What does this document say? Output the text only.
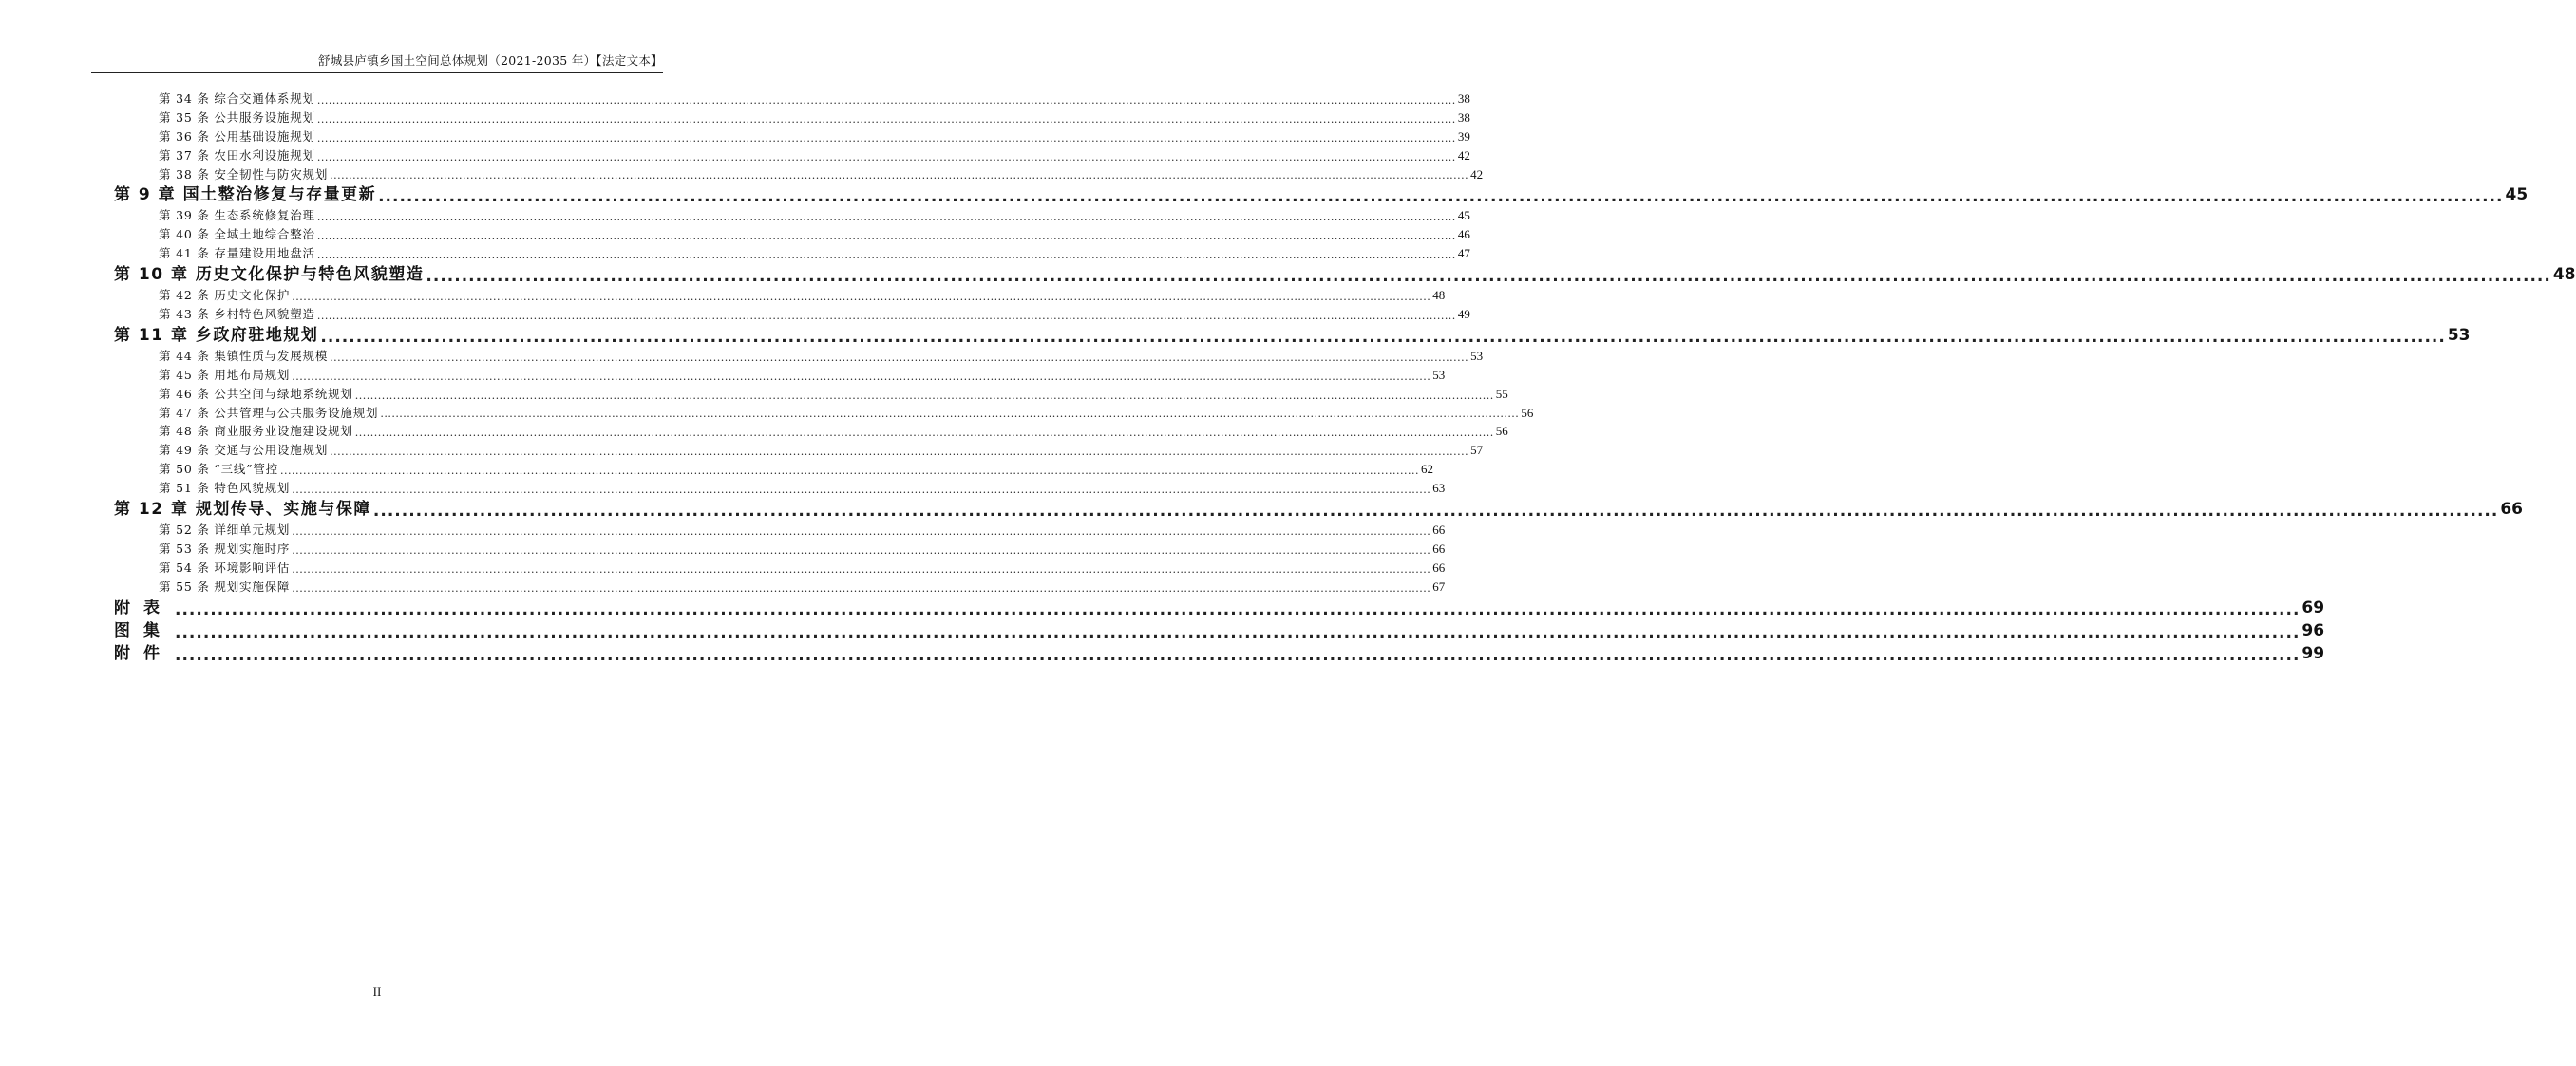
舒城县庐镇乡国土空间总体规划（2021-2035 年）【法定文本】
第 34 条 综合交通体系规划 ............................................................................................................................................................................................................................................................................................................ 38
第 35 条 公共服务设施规划 ............................................................................................................................................................................................................................................................................................................ 38
第 36 条 公用基础设施规划 ............................................................................................................................................................................................................................................................................................................ 39
第 37 条 农田水利设施规划 ............................................................................................................................................................................................................................................................................................................ 42
第 38 条 安全韧性与防灾规划 ............................................................................................................................................................................................................................................................................................................ 42
第 9 章 国土整治修复与存量更新 ............................................................................................................................................................................................................................................................................................................ 45
第 39 条 生态系统修复治理 ............................................................................................................................................................................................................................................................................................................ 45
第 40 条 全域土地综合整治 ............................................................................................................................................................................................................................................................................................................ 46
第 41 条 存量建设用地盘活 ............................................................................................................................................................................................................................................................................................................ 47
第 10 章 历史文化保护与特色风貌塑造 ............................................................................................................................................................................................................................................................................................................ 48
第 42 条 历史文化保护 ............................................................................................................................................................................................................................................................................................................ 48
第 43 条 乡村特色风貌塑造 ............................................................................................................................................................................................................................................................................................................ 49
第 11 章 乡政府驻地规划 ............................................................................................................................................................................................................................................................................................................ 53
第 44 条 集镇性质与发展规模 ............................................................................................................................................................................................................................................................................................................ 53
第 45 条 用地布局规划 ............................................................................................................................................................................................................................................................................................................ 53
第 46 条 公共空间与绿地系统规划 ............................................................................................................................................................................................................................................................................................................ 55
第 47 条 公共管理与公共服务设施规划 ............................................................................................................................................................................................................................................................................................................ 56
第 48 条 商业服务业设施建设规划 ............................................................................................................................................................................................................................................................................................................ 56
第 49 条 交通与公用设施规划 ............................................................................................................................................................................................................................................................................................................ 57
第 50 条 “三线”管控 ............................................................................................................................................................................................................................................................................................................ 62
第 51 条 特色风貌规划 ............................................................................................................................................................................................................................................................................................................ 63
第 12 章 规划传导、实施与保障 ............................................................................................................................................................................................................................................................................................................ 66
第 52 条 详细单元规划 ............................................................................................................................................................................................................................................................................................................ 66
第 53 条 规划实施时序 ............................................................................................................................................................................................................................................................................................................ 66
第 54 条 环境影响评估 ............................................................................................................................................................................................................................................................................................................ 66
第 55 条 规划实施保障 ............................................................................................................................................................................................................................................................................................................ 67
附表 ............................................................................................................................................................................................................................................................................................................ 69
图集 ............................................................................................................................................................................................................................................................................................................ 96
附件 ............................................................................................................................................................................................................................................................................................................ 99
II
